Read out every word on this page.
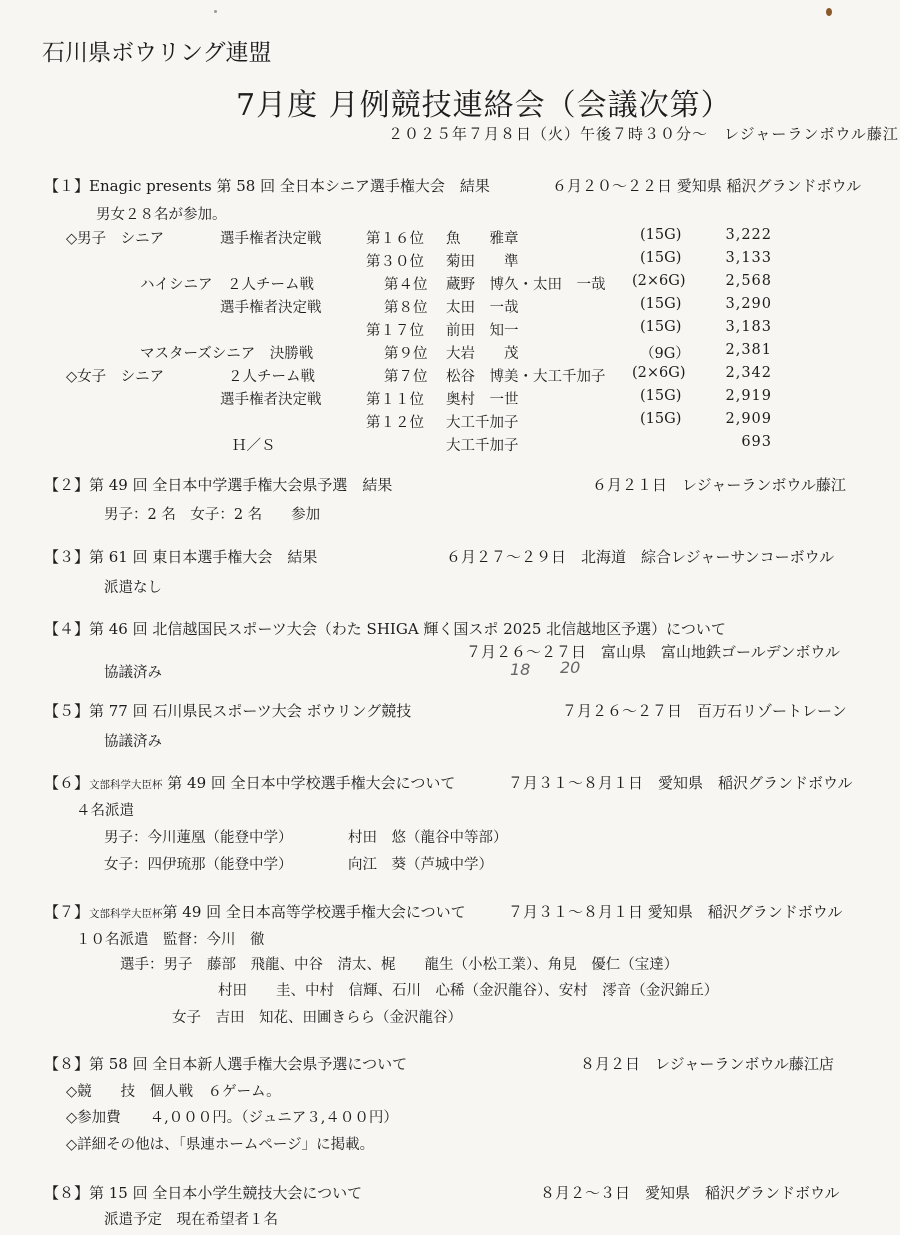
石川県ボウリング連盟
7月度 月例競技連絡会（会議次第）
２０２５年７月８日（火）午後７時３０分～　レジャーランボウル藤江
【１】Enagic presents 第 58 回 全日本シニア選手権大会　結果	６月２０～２２日 愛知県 稲沢グランドボウル
男女２８名が参加。
◇男子　シニア	選手権者決定戦	第１６位 魚　　雅章	(15G)	3,222
第３０位 菊田　　準	(15G)	3,133
ハイシニア　２人チーム戦	第４位 蔵野　博久・太田　一哉 (2×6G)	2,568
選手権者決定戦	第８位 太田　一哉	(15G)	3,290
第１７位 前田　知一	(15G)	3,183
マスターズシニア　決勝戦	第９位 大岩　　茂	（9G）	2,381
◇女子　シニア	２人チーム戦	第７位 松谷　博美・大工千加子 (2×6G)	2,342
選手権者決定戦	第１１位 奥村　一世	(15G)	2,919
第１２位 大工千加子	(15G)	2,909
Ｈ／Ｓ	大工千加子	693
【２】第 49 回 全日本中学選手権大会県予選　結果	６月２１日　レジャーランボウル藤江
男子：2 名　女子：2 名　　参加
【３】第 61 回 東日本選手権大会　結果	６月２７～２９日　北海道　綜合レジャーサンコーボウル
派遣なし
【４】第 46 回 北信越国民スポーツ大会（わた SHIGA 輝く国スポ 2025 北信越地区予選）について
７月２６～２７日　富山県　富山地鉄ゴールデンボウル
協議済み	18 20
【５】第 77 回 石川県民スポーツ大会 ボウリング競技	７月２６～２７日　百万石リゾートレーン
協議済み
【６】文部科学大臣杯 第 49 回 全日本中学校選手権大会について	７月３１～８月１日　愛知県　稲沢グランドボウル
４名派遣
男子：今川蓮凰（能登中学）	村田　悠（龍谷中等部）
女子：四伊琉那（能登中学）	向江　葵（芦城中学）
【７】文部科学大臣杯第 49 回 全日本高等学校選手権大会について	７月３１～８月１日 愛知県　稲沢グランドボウル
１０名派遣　監督：今川　徹
選手：男子　藤部　飛龍、中谷　清太、梶　　龍生（小松工業）、角見　優仁（宝達）
村田　　圭、中村　信輝、石川　心稀（金沢龍谷）、安村　澪音（金沢錦丘）
女子　吉田　知花、田圃きらら（金沢龍谷）
【８】第 58 回 全日本新人選手権大会県予選について	８月２日　レジャーランボウル藤江店
◇競　　技　個人戦　６ゲーム。
◇参加費　　４,０００円。（ジュニア３,４００円）
◇詳細その他は、「県連ホームページ」に掲載。
【８】第 15 回 全日本小学生競技大会について	８月２～３日　愛知県　稲沢グランドボウル
派遣予定　現在希望者１名
